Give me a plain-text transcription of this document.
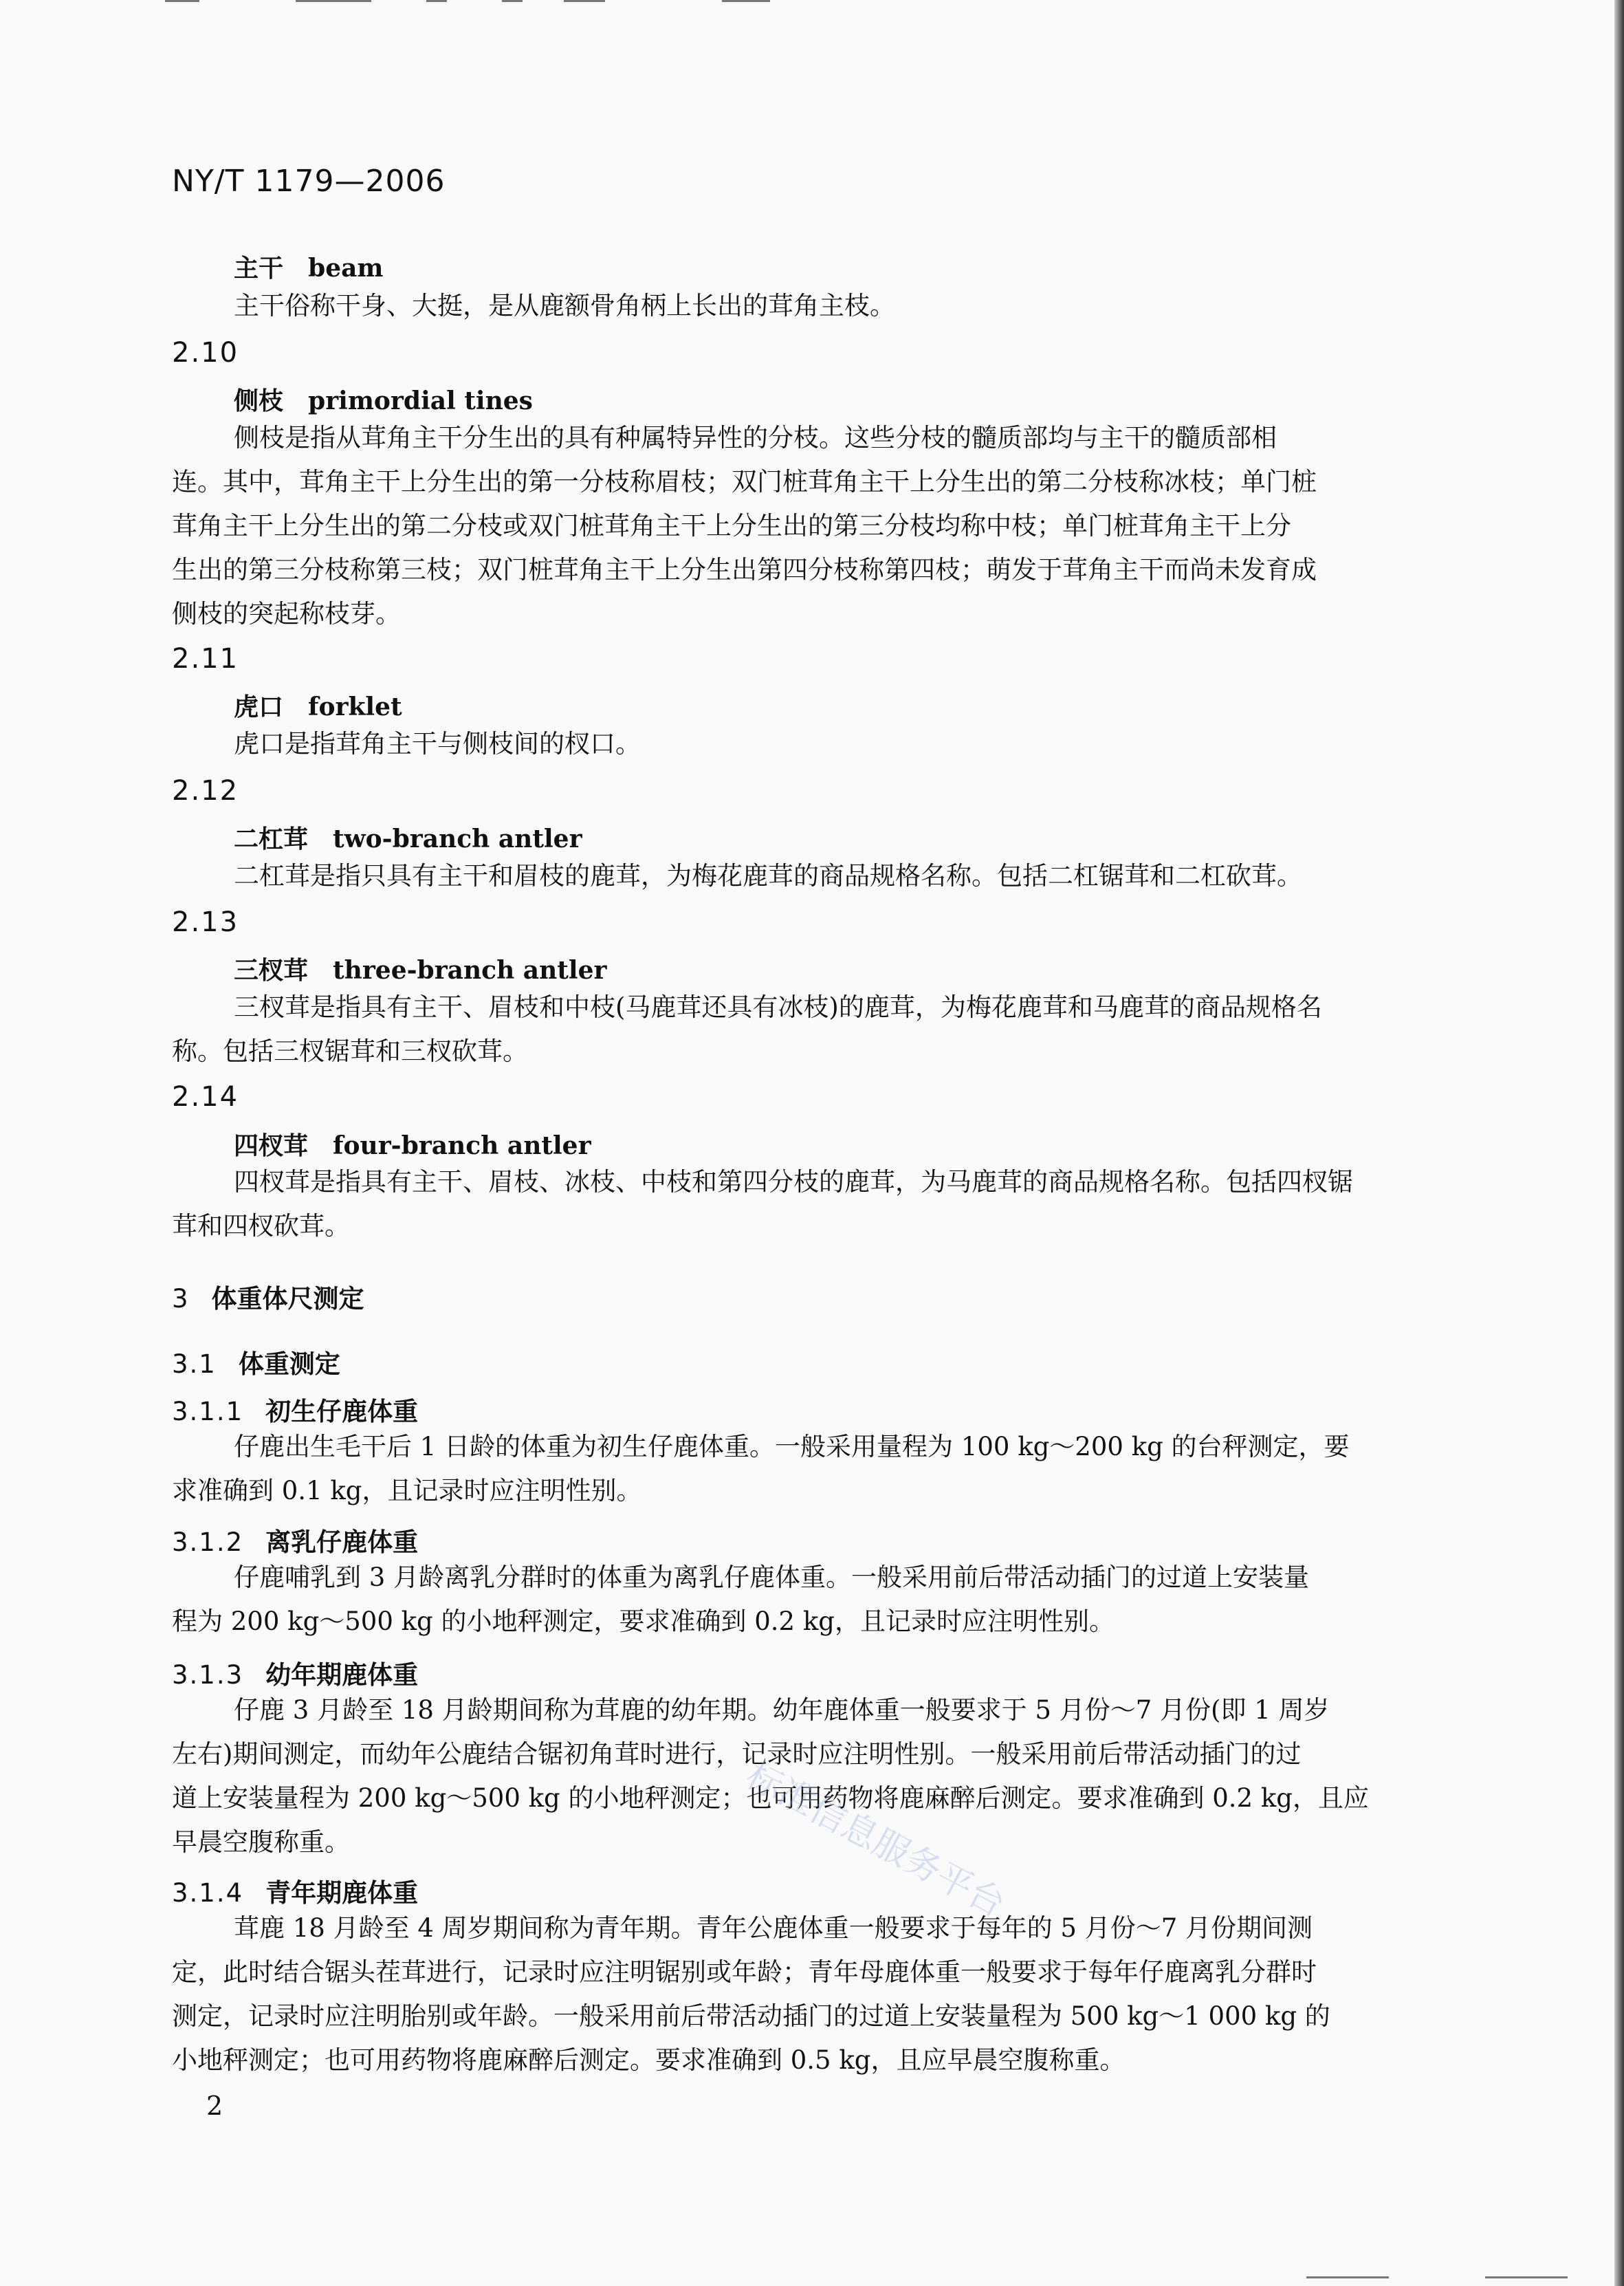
NY/T 1179—2006
主干 beam
主干俗称干身、大挺，是从鹿额骨角柄上长出的茸角主枝。
2.10
侧枝 primordial tines
侧枝是指从茸角主干分生出的具有种属特异性的分枝。这些分枝的髓质部均与主干的髓质部相
连。其中，茸角主干上分生出的第一分枝称眉枝；双门桩茸角主干上分生出的第二分枝称冰枝；单门桩
茸角主干上分生出的第二分枝或双门桩茸角主干上分生出的第三分枝均称中枝；单门桩茸角主干上分
生出的第三分枝称第三枝；双门桩茸角主干上分生出第四分枝称第四枝；萌发于茸角主干而尚未发育成
侧枝的突起称枝芽。
2.11
虎口 forklet
虎口是指茸角主干与侧枝间的杈口。
2.12
二杠茸 two-branch antler
二杠茸是指只具有主干和眉枝的鹿茸，为梅花鹿茸的商品规格名称。包括二杠锯茸和二杠砍茸。
2.13
三杈茸 three-branch antler
三杈茸是指具有主干、眉枝和中枝(马鹿茸还具有冰枝)的鹿茸，为梅花鹿茸和马鹿茸的商品规格名
称。包括三杈锯茸和三杈砍茸。
2.14
四杈茸 four-branch antler
四杈茸是指具有主干、眉枝、冰枝、中枝和第四分枝的鹿茸，为马鹿茸的商品规格名称。包括四杈锯
茸和四杈砍茸。
3 体重体尺测定
3.1 体重测定
3.1.1 初生仔鹿体重
仔鹿出生毛干后 1 日龄的体重为初生仔鹿体重。一般采用量程为 100 kg～200 kg 的台秤测定，要
求准确到 0.1 kg，且记录时应注明性别。
3.1.2 离乳仔鹿体重
仔鹿哺乳到 3 月龄离乳分群时的体重为离乳仔鹿体重。一般采用前后带活动插门的过道上安装量
程为 200 kg～500 kg 的小地秤测定，要求准确到 0.2 kg，且记录时应注明性别。
3.1.3 幼年期鹿体重
仔鹿 3 月龄至 18 月龄期间称为茸鹿的幼年期。幼年鹿体重一般要求于 5 月份～7 月份(即 1 周岁
左右)期间测定，而幼年公鹿结合锯初角茸时进行，记录时应注明性别。一般采用前后带活动插门的过
道上安装量程为 200 kg～500 kg 的小地秤测定；也可用药物将鹿麻醉后测定。要求准确到 0.2 kg，且应
早晨空腹称重。
3.1.4 青年期鹿体重
茸鹿 18 月龄至 4 周岁期间称为青年期。青年公鹿体重一般要求于每年的 5 月份～7 月份期间测
定，此时结合锯头茬茸进行，记录时应注明锯别或年龄；青年母鹿体重一般要求于每年仔鹿离乳分群时
测定，记录时应注明胎别或年龄。一般采用前后带活动插门的过道上安装量程为 500 kg～1 000 kg 的
小地秤测定；也可用药物将鹿麻醉后测定。要求准确到 0.5 kg，且应早晨空腹称重。
标准信息服务平台
2
